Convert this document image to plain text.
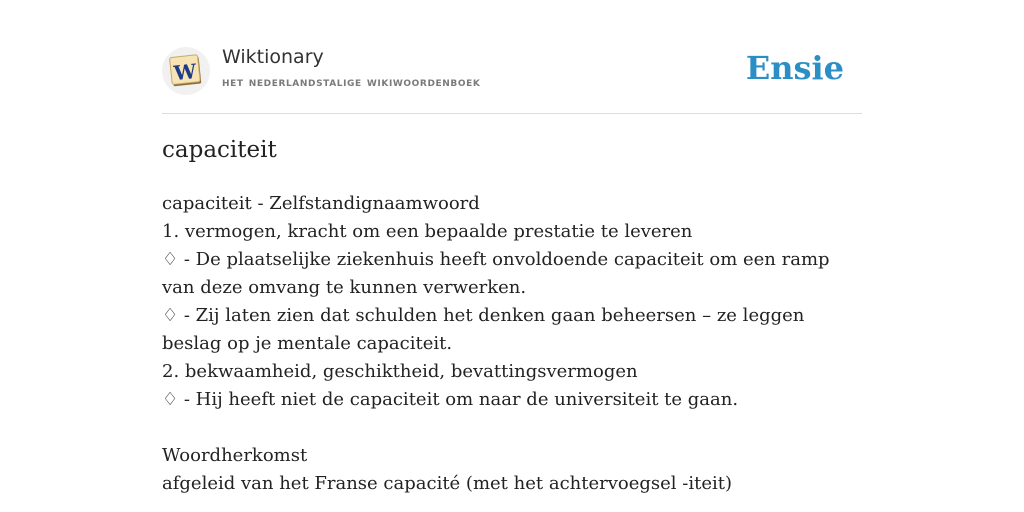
W
Wiktionary
het nederlandstalige wikiwoordenboek	Ensie
capaciteit

capaciteit - Zelfstandignaamwoord

1. vermogen, kracht om een bepaalde prestatie te leveren

♢ - De plaatselijke ziekenhuis heeft onvoldoende capaciteit om een ramp van deze omvang te kunnen verwerken.

♢ - Zij laten zien dat schulden het denken gaan beheersen – ze leggen beslag op je mentale capaciteit.

2. bekwaamheid, geschiktheid, bevattingsvermogen

♢ - Hij heeft niet de capaciteit om naar de universiteit te gaan.

Woordherkomst

afgeleid van het Franse capacité (met het achtervoegsel -iteit)
